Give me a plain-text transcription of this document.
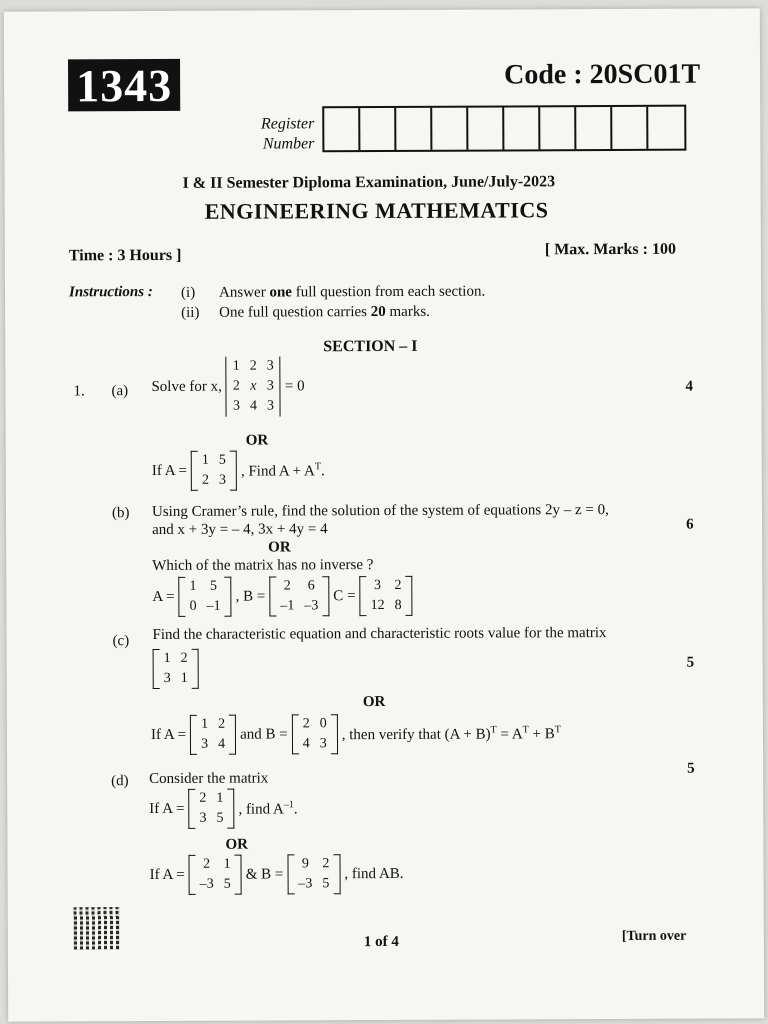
1343	Code : 20SC01T
Register
Number
I & II Semester Diploma Examination, June/July-2023
ENGINEERING MATHEMATICS
Time : 3 Hours ]	[ Max. Marks : 100
Instructions : (i)	Answer one full question from each section.
(ii) One full question carries 20 marks.
SECTION – I
1. (a) Solve for x,
1 2 3
2 x 3
3 4 3
= 0	4
OR
If A =
1 5
2 3
, Find $A + A^T$.
(b) Using Cramer’s rule, find the solution of the system of equations 2y – z = 0,
and x + 3y = – 4, 3x + 4y = 4	6
OR
Which of the matrix has no inverse ?
A =
1 5
0 –1
, B =
2 6
–1 –3
C =
3 2
12 8
(c) Find the characteristic equation and characteristic roots value for the matrix
1 2
3 1
5
OR
If A =
1 2
3 4
and B =
2 0
4 3
, then verify that $(A + B)^T = A^T + B^T$
(d) Consider the matrix
5
If A =
2 1
3 5
, find $A^{-1}$.
OR
If A =
2 1
–3 5
& B =
9 2
–3 5
, find AB.
1 of 4	[Turn over
